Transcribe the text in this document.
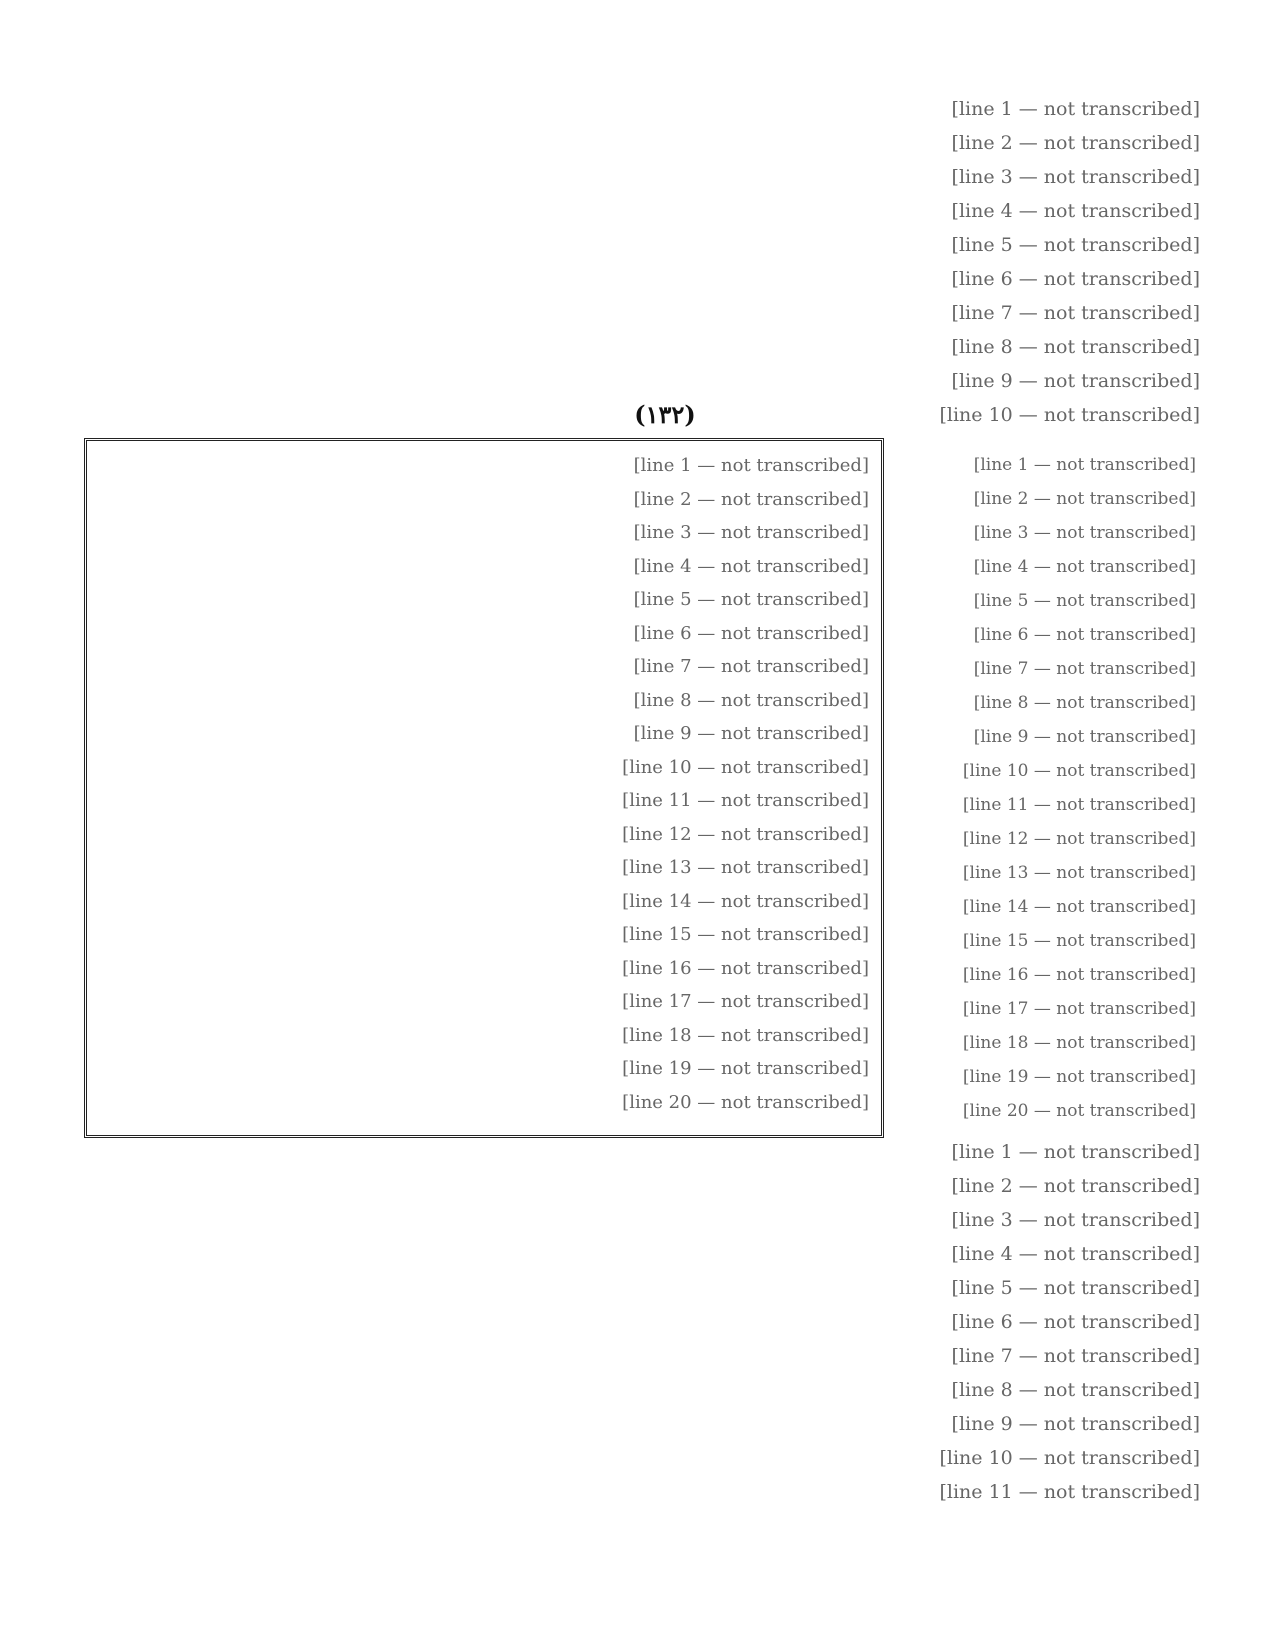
[line 1 — not transcribed]
[line 2 — not transcribed]
[line 3 — not transcribed]
[line 4 — not transcribed]
[line 5 — not transcribed]
[line 6 — not transcribed]
[line 7 — not transcribed]
[line 8 — not transcribed]
[line 9 — not transcribed]
[line 10 — not transcribed]
(١٣٢)
[line 1 — not transcribed]
[line 2 — not transcribed]
[line 3 — not transcribed]
[line 4 — not transcribed]
[line 5 — not transcribed]
[line 6 — not transcribed]
[line 7 — not transcribed]
[line 8 — not transcribed]
[line 9 — not transcribed]
[line 10 — not transcribed]
[line 11 — not transcribed]
[line 12 — not transcribed]
[line 13 — not transcribed]
[line 14 — not transcribed]
[line 15 — not transcribed]
[line 16 — not transcribed]
[line 17 — not transcribed]
[line 18 — not transcribed]
[line 19 — not transcribed]
[line 20 — not transcribed]
[line 1 — not transcribed]
[line 2 — not transcribed]
[line 3 — not transcribed]
[line 4 — not transcribed]
[line 5 — not transcribed]
[line 6 — not transcribed]
[line 7 — not transcribed]
[line 8 — not transcribed]
[line 9 — not transcribed]
[line 10 — not transcribed]
[line 11 — not transcribed]
[line 12 — not transcribed]
[line 13 — not transcribed]
[line 14 — not transcribed]
[line 15 — not transcribed]
[line 16 — not transcribed]
[line 17 — not transcribed]
[line 18 — not transcribed]
[line 19 — not transcribed]
[line 20 — not transcribed]
[line 1 — not transcribed]
[line 2 — not transcribed]
[line 3 — not transcribed]
[line 4 — not transcribed]
[line 5 — not transcribed]
[line 6 — not transcribed]
[line 7 — not transcribed]
[line 8 — not transcribed]
[line 9 — not transcribed]
[line 10 — not transcribed]
[line 11 — not transcribed]
